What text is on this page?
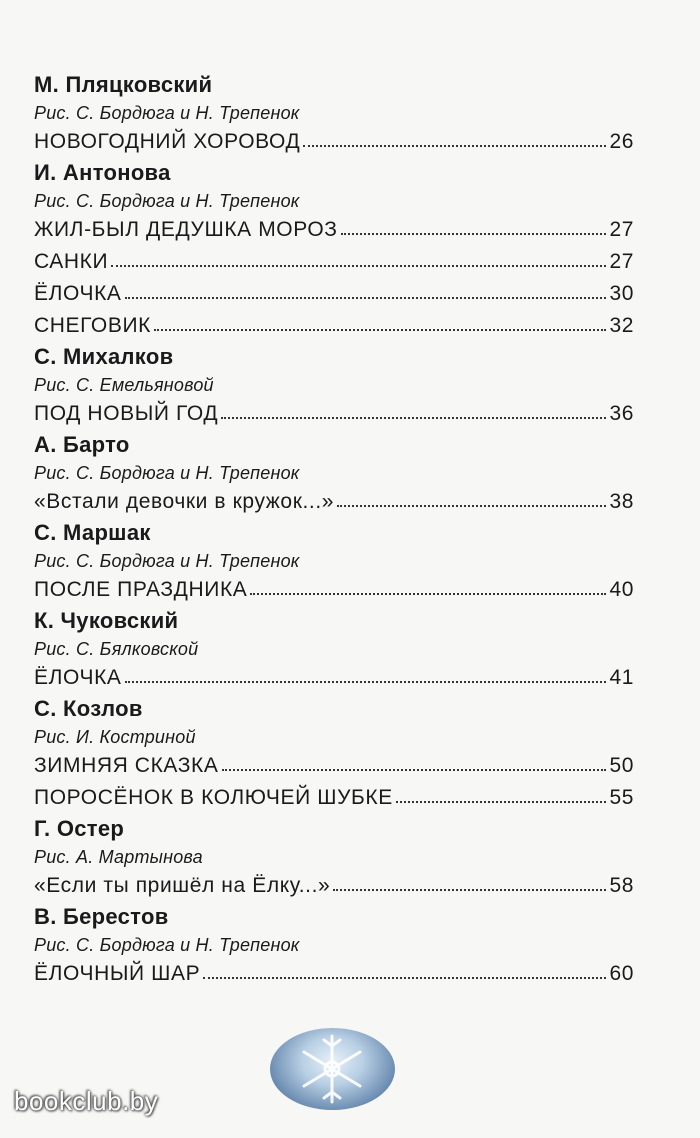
М. Пляцковский
Рис. С. Бордюга и Н. Трепенок
НОВОГОДНИЙ ХОРОВОД	26
И. Антонова
Рис. С. Бордюга и Н. Трепенок
ЖИЛ-БЫЛ ДЕДУШКА МОРОЗ	27
САНКИ	27
ЁЛОЧКА	30
СНЕГОВИК	32
С. Михалков
Рис. С. Емельяновой
ПОД НОВЫЙ ГОД	36
А. Барто
Рис. С. Бордюга и Н. Трепенок
«Встали девочки в кружок...»	38
С. Маршак
Рис. С. Бордюга и Н. Трепенок
ПОСЛЕ ПРАЗДНИКА	40
К. Чуковский
Рис. С. Бялковской
ЁЛОЧКА	41
С. Козлов
Рис. И. Костриной
ЗИМНЯЯ СКАЗКА	50
ПОРОСЁНОК В КОЛЮЧЕЙ ШУБКЕ	55
Г. Остер
Рис. А. Мартынова
«Если ты пришёл на Ёлку...»	58
В. Берестов
Рис. С. Бордюга и Н. Трепенок
ЁЛОЧНЫЙ ШАР	60
bookclub.by
